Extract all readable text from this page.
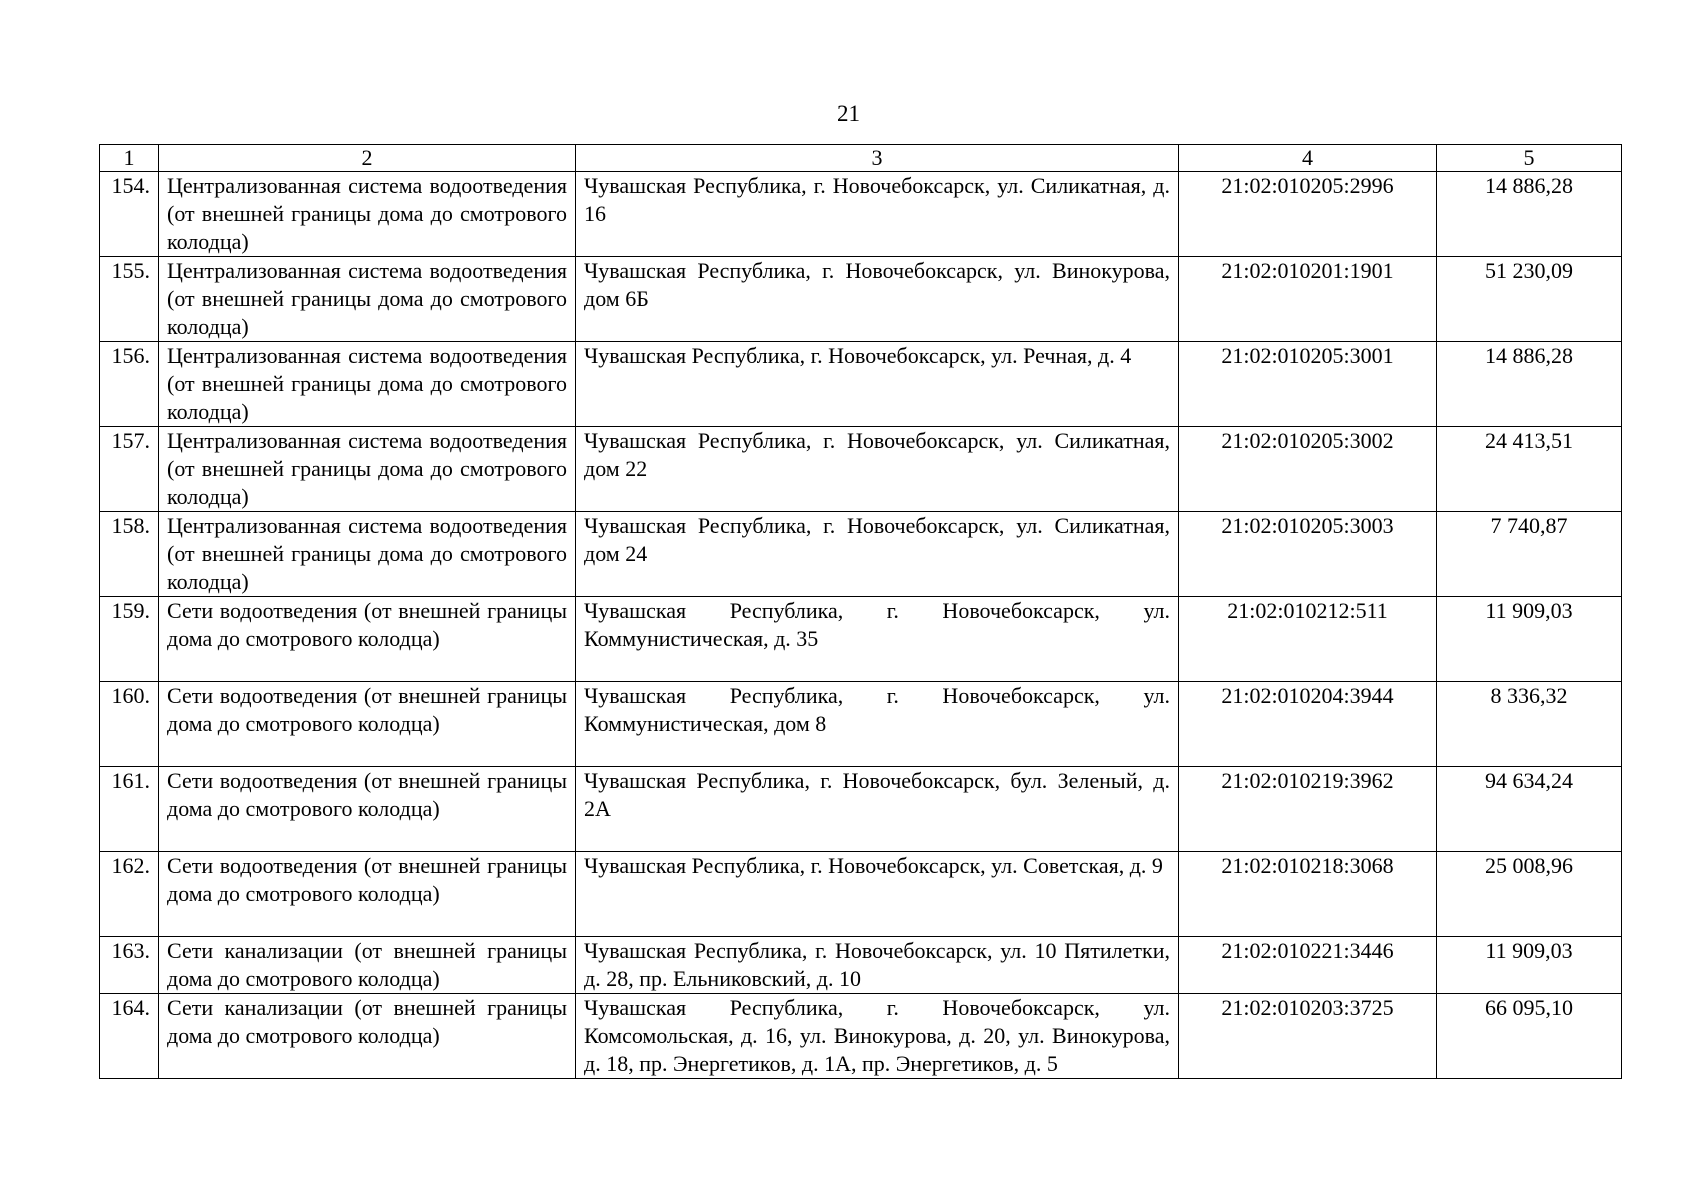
21
1	2	3	4	5
154.	Централизованная система водоотведения (от внешней границы дома до смотрового колодца)	Чувашская Республика, г. Новочебоксарск, ул. Силикатная, д. 16	21:02:010205:2996	14 886,28
155.	Централизованная система водоотведения (от внешней границы дома до смотрового колодца)	Чувашская Республика, г. Новочебоксарск, ул. Винокурова, дом 6Б	21:02:010201:1901	51 230,09
156.	Централизованная система водоотведения (от внешней границы дома до смотрового колодца)	Чувашская Республика, г. Новочебоксарск, ул. Речная, д. 4	21:02:010205:3001	14 886,28
157.	Централизованная система водоотведения (от внешней границы дома до смотрового колодца)	Чувашская Республика, г. Новочебоксарск, ул. Силикатная, дом 22	21:02:010205:3002	24 413,51
158.	Централизованная система водоотведения (от внешней границы дома до смотрового колодца)	Чувашская Республика, г. Новочебоксарск, ул. Силикатная, дом 24	21:02:010205:3003	7 740,87
159.	Сети водоотведения (от внешней границы дома до смотрового колодца)	Чувашская Республика, г. Новочебоксарск, ул. Коммунистическая, д. 35	21:02:010212:511	11 909,03
160.	Сети водоотведения (от внешней границы дома до смотрового колодца)	Чувашская Республика, г. Новочебоксарск, ул. Коммунистическая, дом 8	21:02:010204:3944	8 336,32
161.	Сети водоотведения (от внешней границы дома до смотрового колодца)	Чувашская Республика, г. Новочебоксарск, бул. Зеленый, д. 2А	21:02:010219:3962	94 634,24
162.	Сети водоотведения (от внешней границы дома до смотрового колодца)	Чувашская Республика, г. Новочебоксарск, ул. Советская, д. 9	21:02:010218:3068	25 008,96
163.	Сети канализации (от внешней границы дома до смотрового колодца)	Чувашская Республика, г. Новочебоксарск, ул. 10 Пятилетки, д. 28, пр. Ельниковский, д. 10	21:02:010221:3446	11 909,03
164.	Сети канализации (от внешней границы дома до смотрового колодца)	Чувашская Республика, г. Новочебоксарск, ул. Комсомольская, д. 16, ул. Винокурова, д. 20, ул. Винокурова, д. 18, пр. Энергетиков, д. 1А, пр. Энергетиков, д. 5	21:02:010203:3725	66 095,10
